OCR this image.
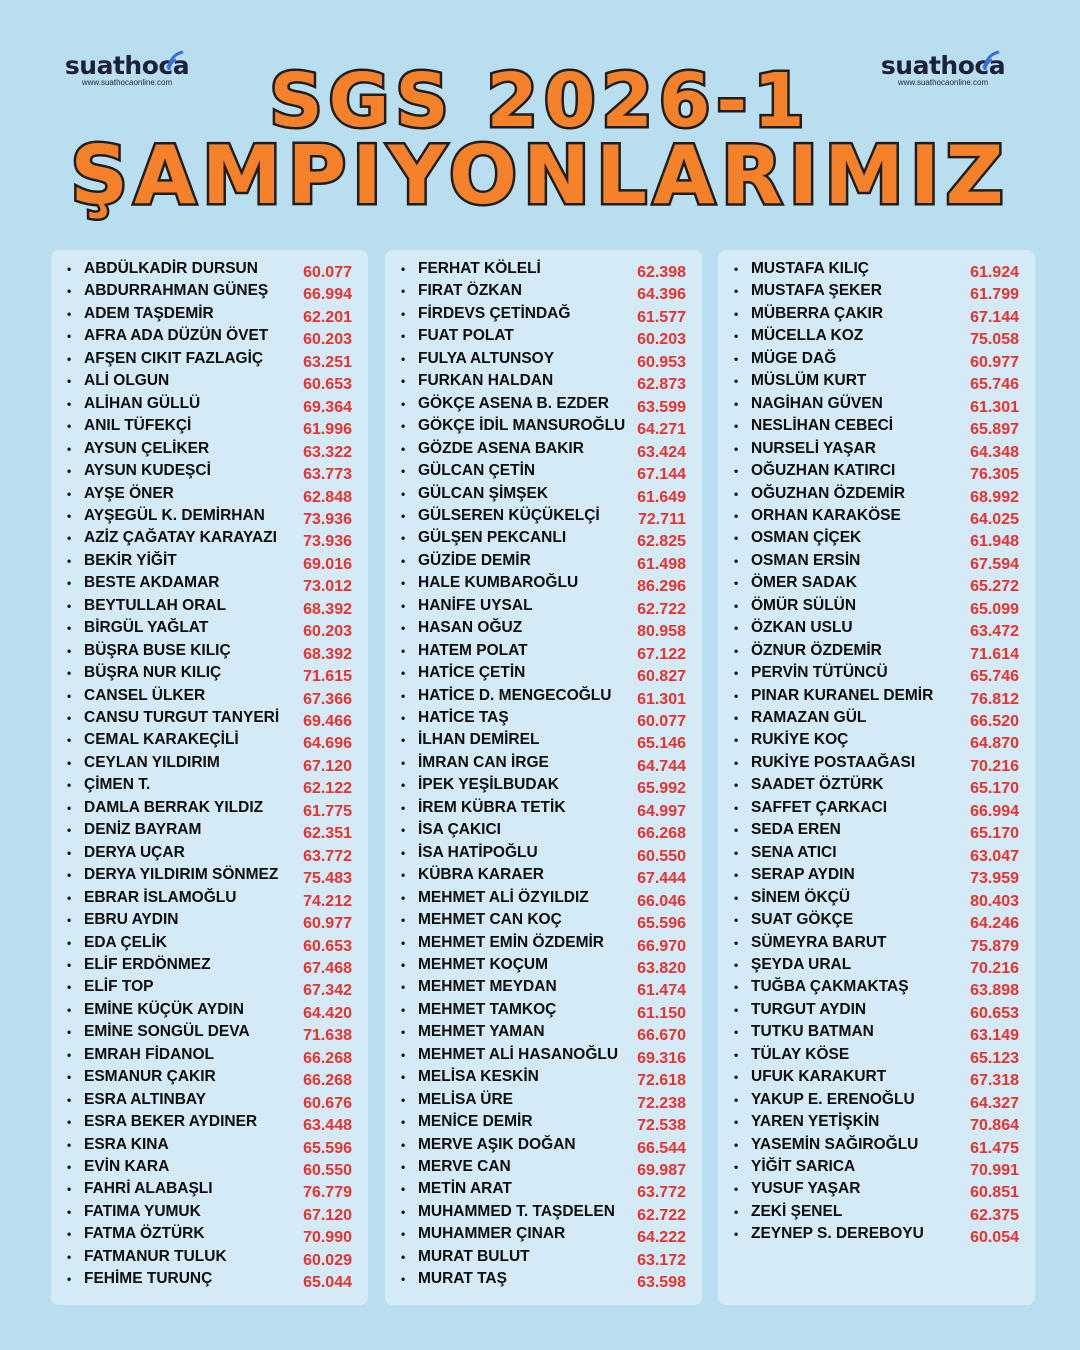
suathoca
www.suathocaonline.com
suathoca
www.suathocaonline.com
SGS 2026-1
ŞAMPIYONLARIMIZ
• ABDÜLKADİR DURSUN	60.077
• ABDURRAHMAN GÜNEŞ 66.994
• ADEM TAŞDEMİR	62.201
• AFRA ADA DÜZÜN ÖVET 60.203
• AFŞEN CIKIT FAZLAGİÇ 63.251
• ALİ OLGUN	60.653
• ALİHAN GÜLLÜ	69.364
• ANIL TÜFEKÇİ	61.996
• AYSUN ÇELİKER	63.322
• AYSUN KUDEŞCİ	63.773
• AYŞE ÖNER	62.848
• AYŞEGÜL K. DEMİRHAN 73.936
• AZİZ ÇAĞATAY KARAYAZI 73.936
• BEKİR YİĞİT	69.016
• BESTE AKDAMAR	73.012
• BEYTULLAH ORAL	68.392
• BİRGÜL YAĞLAT	60.203
• BÜŞRA BUSE KILIÇ	68.392
• BÜŞRA NUR KILIÇ	71.615
• CANSEL ÜLKER	67.366
• CANSU TURGUT TANYERİ 69.466
• CEMAL KARAKEÇİLİ	64.696
• CEYLAN YILDIRIM	67.120
• ÇİMEN T.	62.122
• DAMLA BERRAK YILDIZ 61.775
• DENİZ BAYRAM	62.351
• DERYA UÇAR	63.772
• DERYA YILDIRIM SÖNMEZ 75.483
• EBRAR İSLAMOĞLU	74.212
• EBRU AYDIN	60.977
• EDA ÇELİK	60.653
• ELİF ERDÖNMEZ	67.468
• ELİF TOP	67.342
• EMİNE KÜÇÜK AYDIN	64.420
• EMİNE SONGÜL DEVA	71.638
• EMRAH FİDANOL	66.268
• ESMANUR ÇAKIR	66.268
• ESRA ALTINBAY	60.676
• ESRA BEKER AYDINER	63.448
• ESRA KINA	65.596
• EVİN KARA	60.550
• FAHRİ ALABAŞLI	76.779
• FATIMA YUMUK	67.120
• FATMA ÖZTÜRK	70.990
• FATMANUR TULUK	60.029
• FEHİME TURUNÇ	65.044
• FERHAT KÖLELİ	62.398
• FIRAT ÖZKAN	64.396
• FİRDEVS ÇETİNDAĞ	61.577
• FUAT POLAT	60.203
• FULYA ALTUNSOY	60.953
• FURKAN HALDAN	62.873
• GÖKÇE ASENA B. EZDER 63.599
• GÖKÇE İDİL MANSUROĞLU 64.271
• GÖZDE ASENA BAKIR	63.424
• GÜLCAN ÇETİN	67.144
• GÜLCAN ŞİMŞEK	61.649
• GÜLSEREN KÜÇÜKELÇİ 72.711
• GÜLŞEN PEKCANLI	62.825
• GÜZİDE DEMİR	61.498
• HALE KUMBAROĞLU	86.296
• HANİFE UYSAL	62.722
• HASAN OĞUZ	80.958
• HATEM POLAT	67.122
• HATİCE ÇETİN	60.827
• HATİCE D. MENGECOĞLU 61.301
• HATİCE TAŞ	60.077
• İLHAN DEMİREL	65.146
• İMRAN CAN İRGE	64.744
• İPEK YEŞİLBUDAK	65.992
• İREM KÜBRA TETİK	64.997
• İSA ÇAKICI	66.268
• İSA HATİPOĞLU	60.550
• KÜBRA KARAER	67.444
• MEHMET ALİ ÖZYILDIZ	66.046
• MEHMET CAN KOÇ	65.596
• MEHMET EMİN ÖZDEMİR 66.970
• MEHMET KOÇUM	63.820
• MEHMET MEYDAN	61.474
• MEHMET TAMKOÇ	61.150
• MEHMET YAMAN	66.670
• MEHMET ALİ HASANOĞLU 69.316
• MELİSA KESKİN	72.618
• MELİSA ÜRE	72.238
• MENİCE DEMİR	72.538
• MERVE AŞIK DOĞAN	66.544
• MERVE CAN	69.987
• METİN ARAT	63.772
• MUHAMMED T. TAŞDELEN 62.722
• MUHAMMER ÇINAR	64.222
• MURAT BULUT	63.172
• MURAT TAŞ	63.598
• MUSTAFA KILIÇ	61.924
• MUSTAFA ŞEKER	61.799
• MÜBERRA ÇAKIR	67.144
• MÜCELLA KOZ	75.058
• MÜGE DAĞ	60.977
• MÜSLÜM KURT	65.746
• NAGİHAN GÜVEN	61.301
• NESLİHAN CEBECİ	65.897
• NURSELİ YAŞAR	64.348
• OĞUZHAN KATIRCI	76.305
• OĞUZHAN ÖZDEMİR	68.992
• ORHAN KARAKÖSE	64.025
• OSMAN ÇİÇEK	61.948
• OSMAN ERSİN	67.594
• ÖMER SADAK	65.272
• ÖMÜR SÜLÜN	65.099
• ÖZKAN USLU	63.472
• ÖZNUR ÖZDEMİR	71.614
• PERVİN TÜTÜNCÜ	65.746
• PINAR KURANEL DEMİR 76.812
• RAMAZAN GÜL	66.520
• RUKİYE KOÇ	64.870
• RUKİYE POSTAAĞASI	70.216
• SAADET ÖZTÜRK	65.170
• SAFFET ÇARKACI	66.994
• SEDA EREN	65.170
• SENA ATICI	63.047
• SERAP AYDIN	73.959
• SİNEM ÖKÇÜ	80.403
• SUAT GÖKÇE	64.246
• SÜMEYRA BARUT	75.879
• ŞEYDA URAL	70.216
• TUĞBA ÇAKMAKTAŞ	63.898
• TURGUT AYDIN	60.653
• TUTKU BATMAN	63.149
• TÜLAY KÖSE	65.123
• UFUK KARAKURT	67.318
• YAKUP E. ERENOĞLU	64.327
• YAREN YETİŞKİN	70.864
• YASEMİN SAĞIROĞLU	61.475
• YİĞİT SARICA	70.991
• YUSUF YAŞAR	60.851
• ZEKİ ŞENEL	62.375
• ZEYNEP S. DEREBOYU	60.054
